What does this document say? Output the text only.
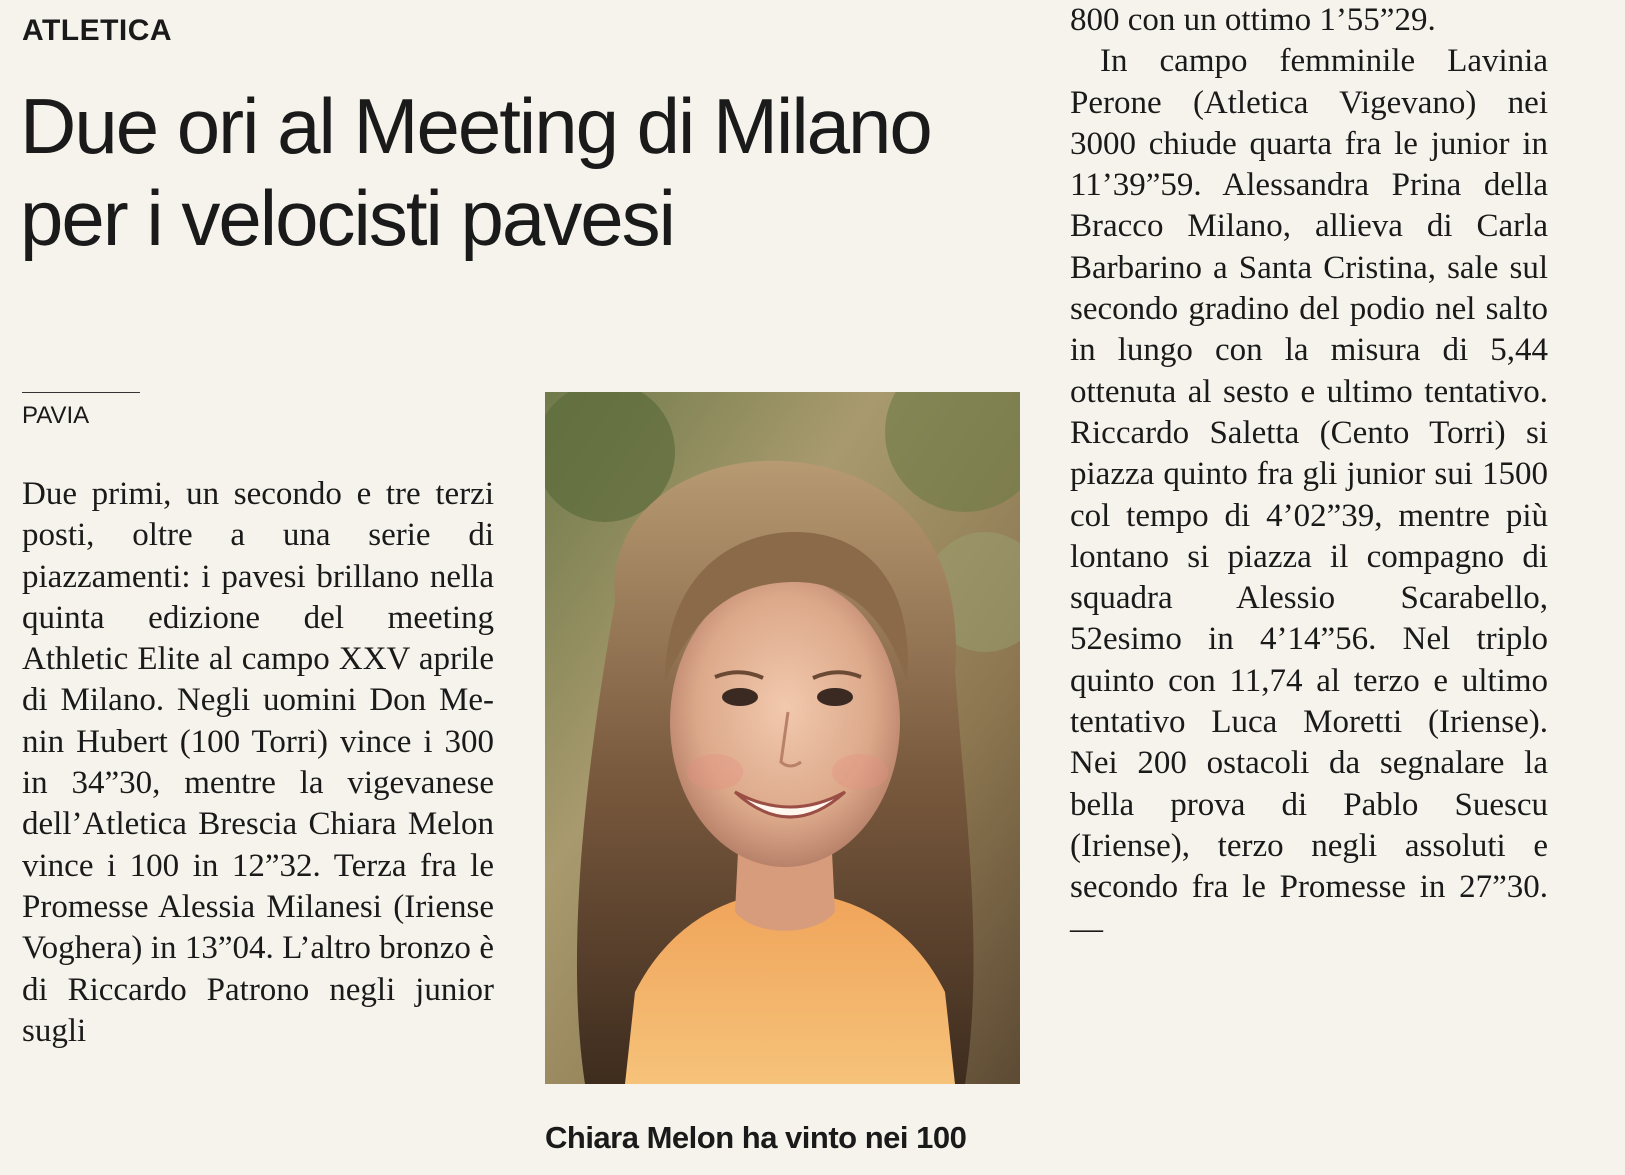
ATLETICA
Due ori al Meeting di Milano per i velocisti pavesi
PAVIA

Due primi, un secondo e tre terzi posti, oltre a una serie di piazzamenti: i pavesi brillano nella quinta edizione del meeting Athletic Elite al campo XXV aprile di Milano. Negli uomini Don Menin Hubert (100 Torri) vince i 300 in 34”30, mentre la vigevanese dell’Atletica Brescia Chiara Melon vince i 100 in 12”32. Terza fra le Promesse Alessia Milanesi (Iriense Voghera) in 13”04. L’altro bronzo è di Riccardo Patrono negli junior sugli

Chiara Melon ha vinto nei 100

800 con un ottimo 1’55”29.

In campo femminile Lavinia Perone (Atletica Vigevano) nei 3000 chiude quarta fra le junior in 11’39”59. Alessandra Prina della Bracco Milano, allieva di Carla Barbarino a Santa Cristina, sale sul secondo gradino del podio nel salto in lungo con la misura di 5,44 ottenuta al sesto e ultimo tentativo. Riccardo Saletta (Cento Torri) si piazza quinto fra gli junior sui 1500 col tempo di 4’02”39, mentre più lontano si piazza il compagno di squadra Alessio Scarabello, 52esimo in 4’14”56. Nel triplo quinto con 11,74 al terzo e ultimo tentativo Luca Moretti (Iriense). Nei 200 ostacoli da segnalare la bella prova di Pablo Suescu (Iriense), terzo negli assoluti e secondo fra le Promesse in 27”30. —
